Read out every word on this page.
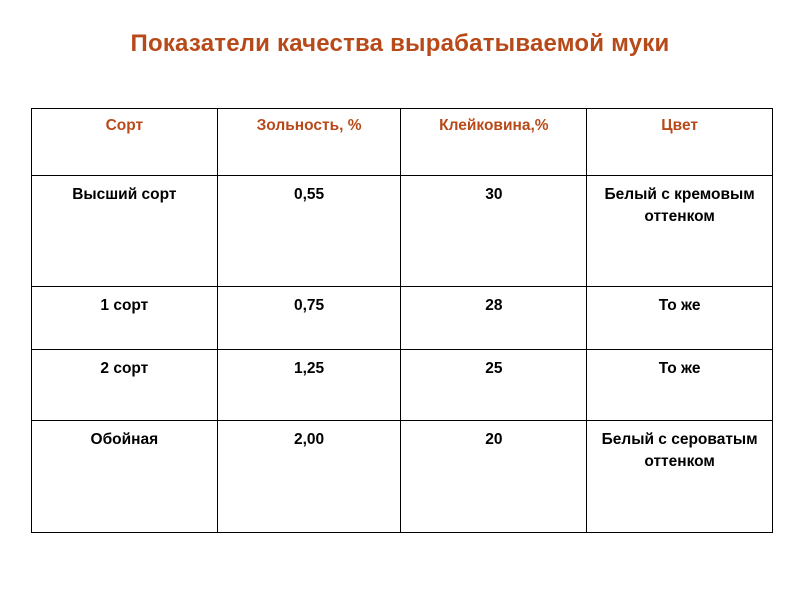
Показатели качества вырабатываемой муки
Сорт	Зольность, %	Клейковина,%	Цвет
Высший сорт	0,55	30	Белый с кремовым оттенком
1 сорт	0,75	28	То же
2 сорт	1,25	25	То же
Обойная	2,00	20	Белый с сероватым оттенком
